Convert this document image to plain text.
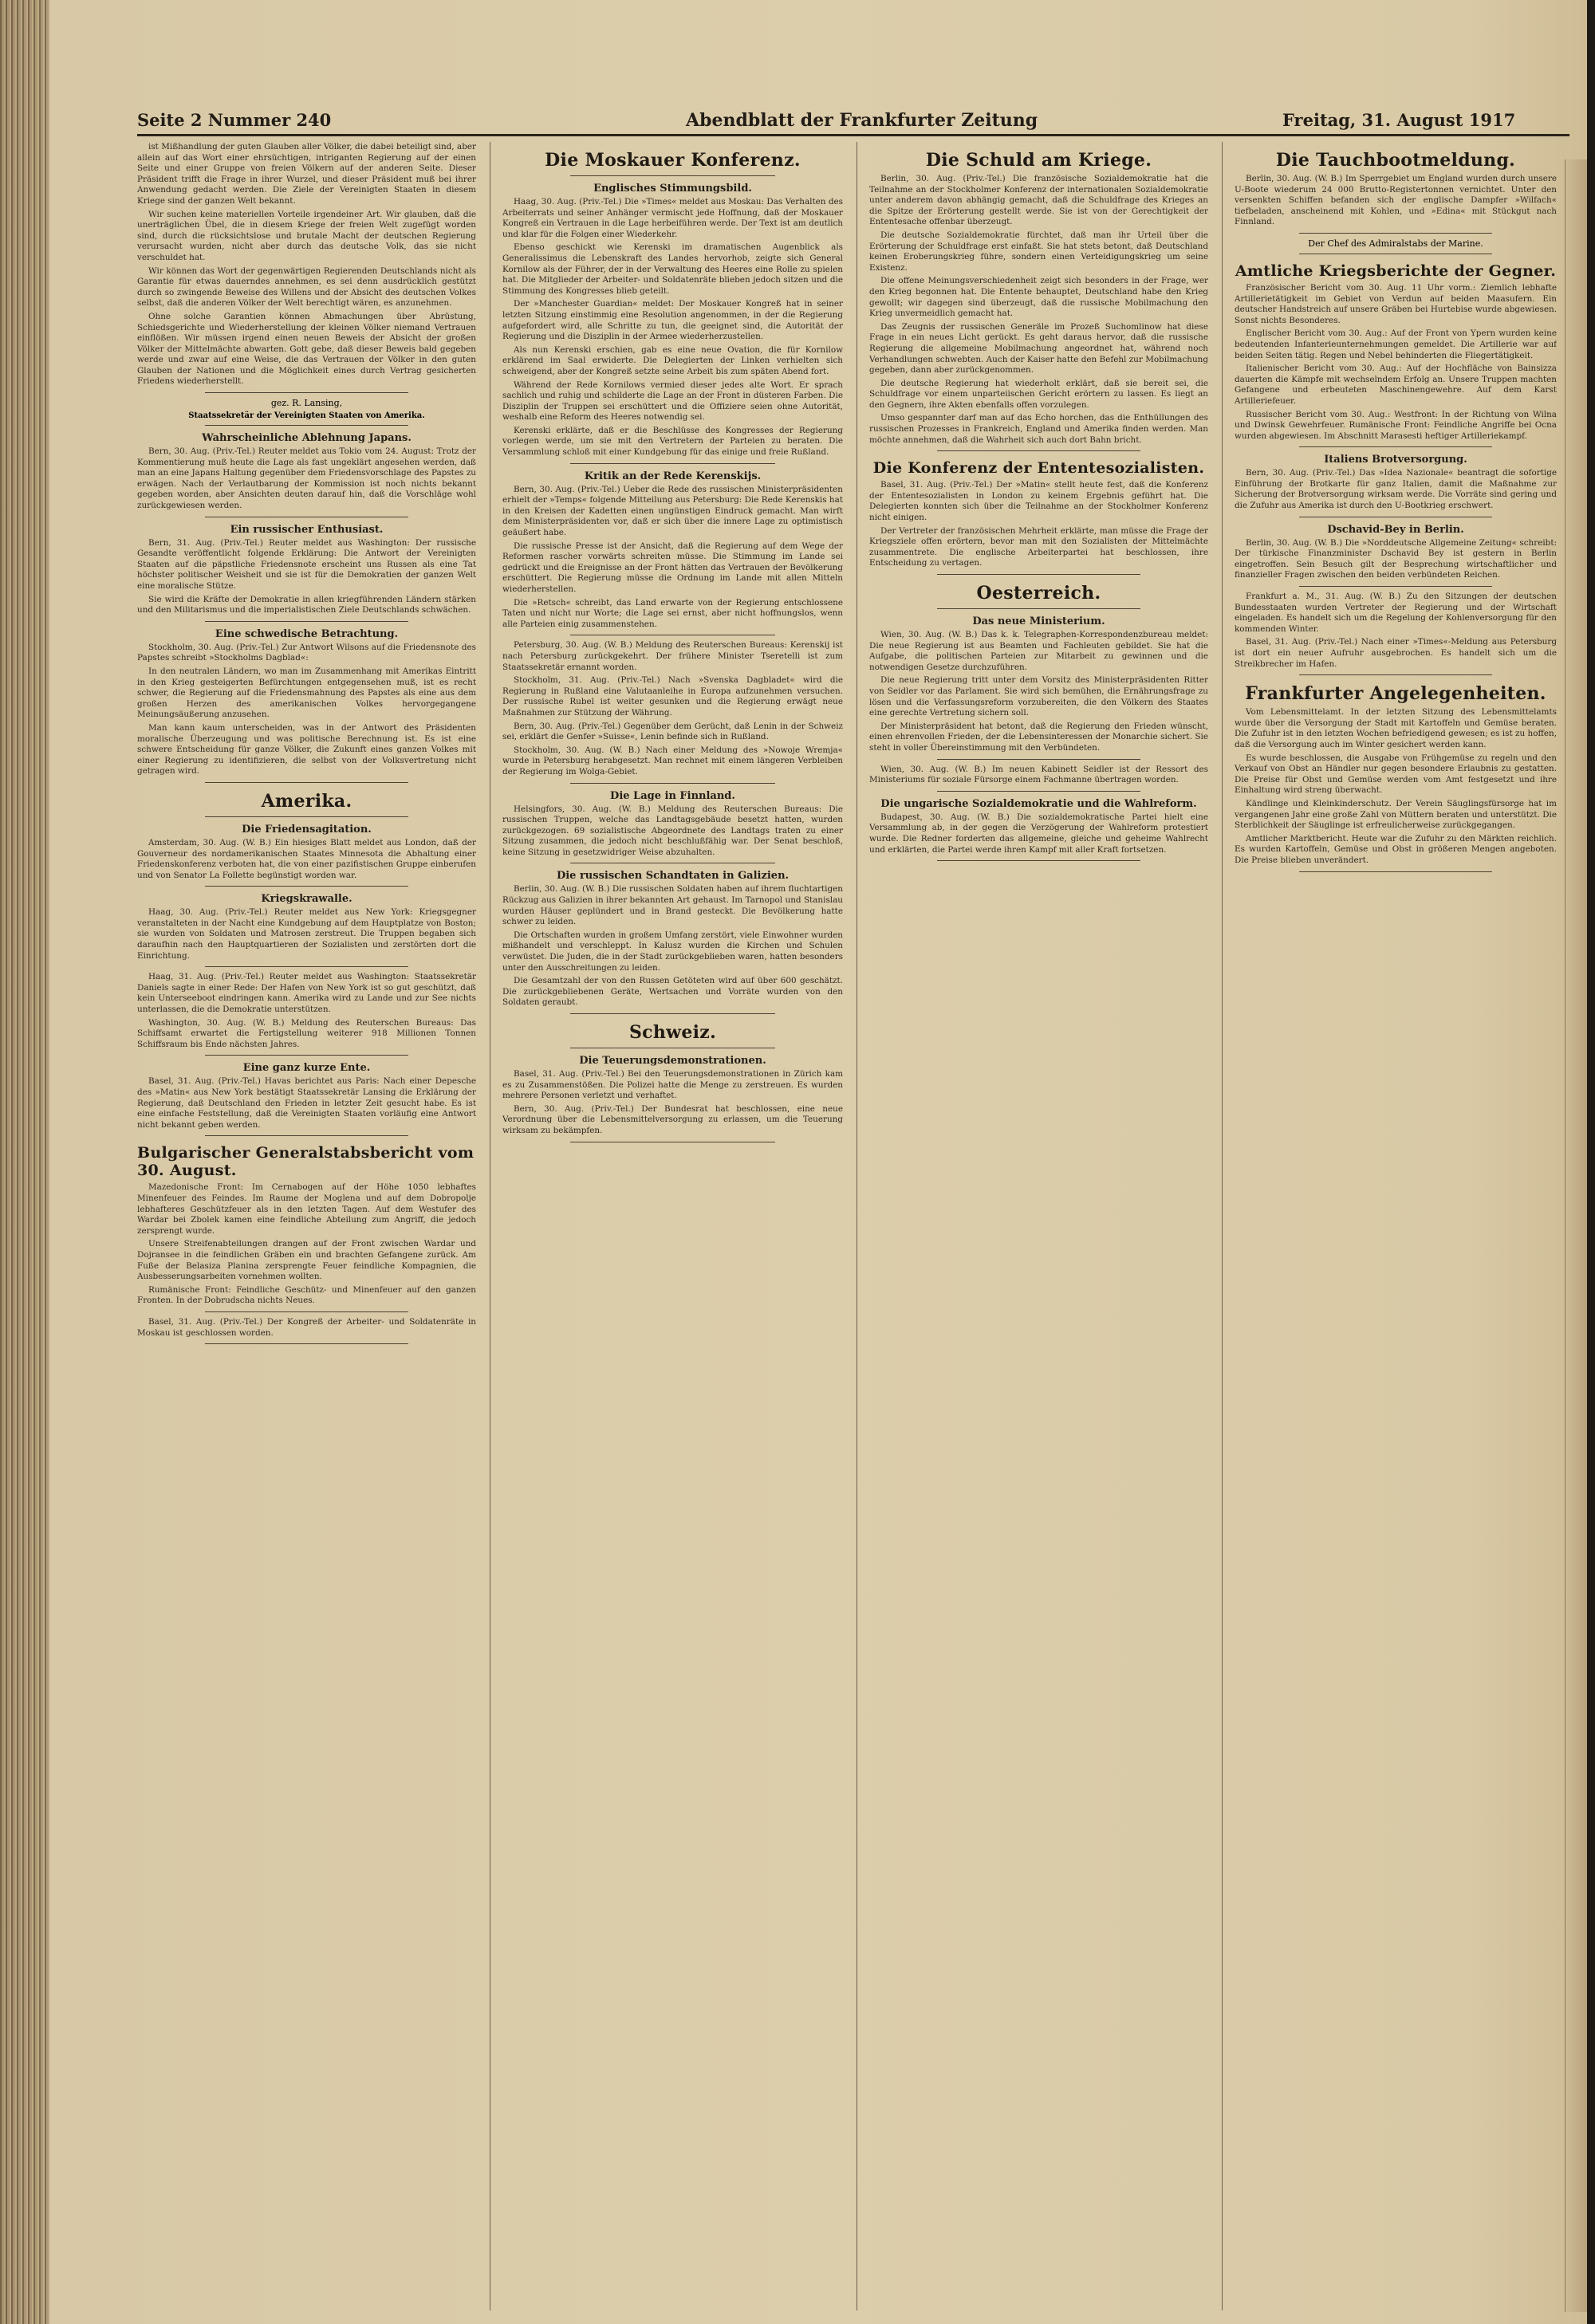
Seite 2 Nummer 240	Abendblatt der Frankfurter Zeitung	Freitag, 31. August 1917

ist Mißhandlung der guten Glauben aller Völker, die dabei beteiligt sind, aber allein auf das Wort einer ehrsüchtigen, intriganten Regierung auf der einen Seite und einer Gruppe von freien Völkern auf der anderen Seite. Dieser Präsident trifft die Frage in ihrer Wurzel, und dieser Präsident muß bei ihrer Anwendung gedacht werden. Die Ziele der Vereinigten Staaten in diesem Kriege sind der ganzen Welt bekannt.

Wir suchen keine materiellen Vorteile irgendeiner Art. Wir glauben, daß die unerträglichen Übel, die in diesem Kriege der freien Welt zugefügt worden sind, durch die rücksichtslose und brutale Macht der deutschen Regierung verursacht wurden, nicht aber durch das deutsche Volk, das sie nicht verschuldet hat.

Wir können das Wort der gegenwärtigen Regierenden Deutschlands nicht als Garantie für etwas dauerndes annehmen, es sei denn ausdrücklich gestützt durch so zwingende Beweise des Willens und der Absicht des deutschen Volkes selbst, daß die anderen Völker der Welt berechtigt wären, es anzunehmen.

Ohne solche Garantien können Abmachungen über Abrüstung, Schiedsgerichte und Wiederherstellung der kleinen Völker niemand Vertrauen einflößen. Wir müssen irgend einen neuen Beweis der Absicht der großen Völker der Mittelmächte abwarten. Gott gebe, daß dieser Beweis bald gegeben werde und zwar auf eine Weise, die das Vertrauen der Völker in den guten Glauben der Nationen und die Möglichkeit eines durch Vertrag gesicherten Friedens wiederherstellt.

gez. R. Lansing,
Staatssekretär der Vereinigten Staaten von Amerika.
Wahrscheinliche Ablehnung Japans.

Bern, 30. Aug. (Priv.-Tel.) Reuter meldet aus Tokio vom 24. August: Trotz der Kommentierung muß heute die Lage als fast ungeklärt angesehen werden, daß man an eine Japans Haltung gegenüber dem Friedensvorschlage des Papstes zu erwägen. Nach der Verlautbarung der Kommission ist noch nichts bekannt gegeben worden, aber Ansichten deuten darauf hin, daß die Vorschläge wohl zurückgewiesen werden.

Ein russischer Enthusiast.

Bern, 31. Aug. (Priv.-Tel.) Reuter meldet aus Washington: Der russische Gesandte veröffentlicht folgende Erklärung: Die Antwort der Vereinigten Staaten auf die päpstliche Friedensnote erscheint uns Russen als eine Tat höchster politischer Weisheit und sie ist für die Demokratien der ganzen Welt eine moralische Stütze.

Sie wird die Kräfte der Demokratie in allen kriegführenden Ländern stärken und den Militarismus und die imperialistischen Ziele Deutschlands schwächen.

Eine schwedische Betrachtung.

Stockholm, 30. Aug. (Priv.-Tel.) Zur Antwort Wilsons auf die Friedensnote des Papstes schreibt »Stockholms Dagblad«:

In den neutralen Ländern, wo man im Zusammenhang mit Amerikas Eintritt in den Krieg gesteigerten Befürchtungen entgegensehen muß, ist es recht schwer, die Regierung auf die Friedensmahnung des Papstes als eine aus dem großen Herzen des amerikanischen Volkes hervorgegangene Meinungsäußerung anzusehen.

Man kann kaum unterscheiden, was in der Antwort des Präsidenten moralische Überzeugung und was politische Berechnung ist. Es ist eine schwere Entscheidung für ganze Völker, die Zukunft eines ganzen Volkes mit einer Regierung zu identifizieren, die selbst von der Volksvertretung nicht getragen wird.

Amerika.
Die Friedensagitation.

Amsterdam, 30. Aug. (W. B.) Ein hiesiges Blatt meldet aus London, daß der Gouverneur des nordamerikanischen Staates Minnesota die Abhaltung einer Friedenskonferenz verboten hat, die von einer pazifistischen Gruppe einberufen und von Senator La Follette begünstigt worden war.

Kriegskrawalle.

Haag, 30. Aug. (Priv.-Tel.) Reuter meldet aus New York: Kriegsgegner veranstalteten in der Nacht eine Kundgebung auf dem Hauptplatze von Boston; sie wurden von Soldaten und Matrosen zerstreut. Die Truppen begaben sich daraufhin nach den Hauptquartieren der Sozialisten und zerstörten dort die Einrichtung.

Haag, 31. Aug. (Priv.-Tel.) Reuter meldet aus Washington: Staatssekretär Daniels sagte in einer Rede: Der Hafen von New York ist so gut geschützt, daß kein Unterseeboot eindringen kann. Amerika wird zu Lande und zur See nichts unterlassen, die die Demokratie unterstützen.

Washington, 30. Aug. (W. B.) Meldung des Reuterschen Bureaus: Das Schiffsamt erwartet die Fertigstellung weiterer 918 Millionen Tonnen Schiffsraum bis Ende nächsten Jahres.

Eine ganz kurze Ente.

Basel, 31. Aug. (Priv.-Tel.) Havas berichtet aus Paris: Nach einer Depesche des »Matin« aus New York bestätigt Staatssekretär Lansing die Erklärung der Regierung, daß Deutschland den Frieden in letzter Zeit gesucht habe. Es ist eine einfache Feststellung, daß die Vereinigten Staaten vorläufig eine Antwort nicht bekannt geben werden.

Bulgarischer Generalstabsbericht vom 30. August.

Mazedonische Front: Im Cernabogen auf der Höhe 1050 lebhaftes Minenfeuer des Feindes. Im Raume der Moglena und auf dem Dobropolje lebhafteres Geschützfeuer als in den letzten Tagen. Auf dem Westufer des Wardar bei Zbolek kamen eine feindliche Abteilung zum Angriff, die jedoch zersprengt wurde.

Unsere Streifenabteilungen drangen auf der Front zwischen Wardar und Dojransee in die feindlichen Gräben ein und brachten Gefangene zurück. Am Fuße der Belasiza Planina zersprengte Feuer feindliche Kompagnien, die Ausbesserungsarbeiten vornehmen wollten.

Rumänische Front: Feindliche Geschütz- und Minenfeuer auf den ganzen Fronten. In der Dobrudscha nichts Neues.

Basel, 31. Aug. (Priv.-Tel.) Der Kongreß der Arbeiter- und Soldatenräte in Moskau ist geschlossen worden.

Die Moskauer Konferenz.
Englisches Stimmungsbild.

Haag, 30. Aug. (Priv.-Tel.) Die »Times« meldet aus Moskau: Das Verhalten des Arbeiterrats und seiner Anhänger vermischt jede Hoffnung, daß der Moskauer Kongreß ein Vertrauen in die Lage herbeiführen werde. Der Text ist am deutlich und klar für die Folgen einer Wiederkehr.

Ebenso geschickt wie Kerenski im dramatischen Augenblick als Generalissimus die Lebenskraft des Landes hervorhob, zeigte sich General Kornilow als der Führer, der in der Verwaltung des Heeres eine Rolle zu spielen hat. Die Mitglieder der Arbeiter- und Soldatenräte blieben jedoch sitzen und die Stimmung des Kongresses blieb geteilt.

Der »Manchester Guardian« meldet: Der Moskauer Kongreß hat in seiner letzten Sitzung einstimmig eine Resolution angenommen, in der die Regierung aufgefordert wird, alle Schritte zu tun, die geeignet sind, die Autorität der Regierung und die Disziplin in der Armee wiederherzustellen.

Als nun Kerenski erschien, gab es eine neue Ovation, die für Kornilow erklärend im Saal erwiderte. Die Delegierten der Linken verhielten sich schweigend, aber der Kongreß setzte seine Arbeit bis zum späten Abend fort.

Während der Rede Kornilows vermied dieser jedes alte Wort. Er sprach sachlich und ruhig und schilderte die Lage an der Front in düsteren Farben. Die Disziplin der Truppen sei erschüttert und die Offiziere seien ohne Autorität, weshalb eine Reform des Heeres notwendig sei.

Kerenski erklärte, daß er die Beschlüsse des Kongresses der Regierung vorlegen werde, um sie mit den Vertretern der Parteien zu beraten. Die Versammlung schloß mit einer Kundgebung für das einige und freie Rußland.

Kritik an der Rede Kerenskijs.

Bern, 30. Aug. (Priv.-Tel.) Ueber die Rede des russischen Ministerpräsidenten erhielt der »Temps« folgende Mitteilung aus Petersburg: Die Rede Kerenskis hat in den Kreisen der Kadetten einen ungünstigen Eindruck gemacht. Man wirft dem Ministerpräsidenten vor, daß er sich über die innere Lage zu optimistisch geäußert habe.

Die russische Presse ist der Ansicht, daß die Regierung auf dem Wege der Reformen rascher vorwärts schreiten müsse. Die Stimmung im Lande sei gedrückt und die Ereignisse an der Front hätten das Vertrauen der Bevölkerung erschüttert. Die Regierung müsse die Ordnung im Lande mit allen Mitteln wiederherstellen.

Die »Retsch« schreibt, das Land erwarte von der Regierung entschlossene Taten und nicht nur Worte; die Lage sei ernst, aber nicht hoffnungslos, wenn alle Parteien einig zusammenstehen.

Petersburg, 30. Aug. (W. B.) Meldung des Reuterschen Bureaus: Kerenskij ist nach Petersburg zurückgekehrt. Der frühere Minister Tseretelli ist zum Staatssekretär ernannt worden.

Stockholm, 31. Aug. (Priv.-Tel.) Nach »Svenska Dagbladet« wird die Regierung in Rußland eine Valutaanleihe in Europa aufzunehmen versuchen. Der russische Rubel ist weiter gesunken und die Regierung erwägt neue Maßnahmen zur Stützung der Währung.

Bern, 30. Aug. (Priv.-Tel.) Gegenüber dem Gerücht, daß Lenin in der Schweiz sei, erklärt die Genfer »Suisse«, Lenin befinde sich in Rußland.

Stockholm, 30. Aug. (W. B.) Nach einer Meldung des »Nowoje Wremja« wurde in Petersburg herabgesetzt. Man rechnet mit einem längeren Verbleiben der Regierung im Wolga-Gebiet.

Die Lage in Finnland.

Helsingfors, 30. Aug. (W. B.) Meldung des Reuterschen Bureaus: Die russischen Truppen, welche das Landtagsgebäude besetzt hatten, wurden zurückgezogen. 69 sozialistische Abgeordnete des Landtags traten zu einer Sitzung zusammen, die jedoch nicht beschlußfähig war. Der Senat beschloß, keine Sitzung in gesetzwidriger Weise abzuhalten.

Die russischen Schandtaten in Galizien.

Berlin, 30. Aug. (W. B.) Die russischen Soldaten haben auf ihrem fluchtartigen Rückzug aus Galizien in ihrer bekannten Art gehaust. Im Tarnopol und Stanislau wurden Häuser geplündert und in Brand gesteckt. Die Bevölkerung hatte schwer zu leiden.

Die Ortschaften wurden in großem Umfang zerstört, viele Einwohner wurden mißhandelt und verschleppt. In Kalusz wurden die Kirchen und Schulen verwüstet. Die Juden, die in der Stadt zurückgeblieben waren, hatten besonders unter den Ausschreitungen zu leiden.

Die Gesamtzahl der von den Russen Getöteten wird auf über 600 geschätzt. Die zurückgebliebenen Geräte, Wertsachen und Vorräte wurden von den Soldaten geraubt.

Schweiz.
Die Teuerungsdemonstrationen.

Basel, 31. Aug. (Priv.-Tel.) Bei den Teuerungsdemonstrationen in Zürich kam es zu Zusammenstößen. Die Polizei hatte die Menge zu zerstreuen. Es wurden mehrere Personen verletzt und verhaftet.

Bern, 30. Aug. (Priv.-Tel.) Der Bundesrat hat beschlossen, eine neue Verordnung über die Lebensmittelversorgung zu erlassen, um die Teuerung wirksam zu bekämpfen.

Die Schuld am Kriege.

Berlin, 30. Aug. (Priv.-Tel.) Die französische Sozialdemokratie hat die Teilnahme an der Stockholmer Konferenz der internationalen Sozialdemokratie unter anderem davon abhängig gemacht, daß die Schuldfrage des Krieges an die Spitze der Erörterung gestellt werde. Sie ist von der Gerechtigkeit der Ententesache offenbar überzeugt.

Die deutsche Sozialdemokratie fürchtet, daß man ihr Urteil über die Erörterung der Schuldfrage erst einfaßt. Sie hat stets betont, daß Deutschland keinen Eroberungskrieg führe, sondern einen Verteidigungskrieg um seine Existenz.

Die offene Meinungsverschiedenheit zeigt sich besonders in der Frage, wer den Krieg begonnen hat. Die Entente behauptet, Deutschland habe den Krieg gewollt; wir dagegen sind überzeugt, daß die russische Mobilmachung den Krieg unvermeidlich gemacht hat.

Das Zeugnis der russischen Generäle im Prozeß Suchomlinow hat diese Frage in ein neues Licht gerückt. Es geht daraus hervor, daß die russische Regierung die allgemeine Mobilmachung angeordnet hat, während noch Verhandlungen schwebten. Auch der Kaiser hatte den Befehl zur Mobilmachung gegeben, dann aber zurückgenommen.

Die deutsche Regierung hat wiederholt erklärt, daß sie bereit sei, die Schuldfrage vor einem unparteiischen Gericht erörtern zu lassen. Es liegt an den Gegnern, ihre Akten ebenfalls offen vorzulegen.

Umso gespannter darf man auf das Echo horchen, das die Enthüllungen des russischen Prozesses in Frankreich, England und Amerika finden werden. Man möchte annehmen, daß die Wahrheit sich auch dort Bahn bricht.

Die Konferenz der Ententesozialisten.

Basel, 31. Aug. (Priv.-Tel.) Der »Matin« stellt heute fest, daß die Konferenz der Ententesozialisten in London zu keinem Ergebnis geführt hat. Die Delegierten konnten sich über die Teilnahme an der Stockholmer Konferenz nicht einigen.

Der Vertreter der französischen Mehrheit erklärte, man müsse die Frage der Kriegsziele offen erörtern, bevor man mit den Sozialisten der Mittelmächte zusammentrete. Die englische Arbeiterpartei hat beschlossen, ihre Entscheidung zu vertagen.

Oesterreich.
Das neue Ministerium.

Wien, 30. Aug. (W. B.) Das k. k. Telegraphen-Korrespondenzbureau meldet: Die neue Regierung ist aus Beamten und Fachleuten gebildet. Sie hat die Aufgabe, die politischen Parteien zur Mitarbeit zu gewinnen und die notwendigen Gesetze durchzuführen.

Die neue Regierung tritt unter dem Vorsitz des Ministerpräsidenten Ritter von Seidler vor das Parlament. Sie wird sich bemühen, die Ernährungsfrage zu lösen und die Verfassungsreform vorzubereiten, die den Völkern des Staates eine gerechte Vertretung sichern soll.

Der Ministerpräsident hat betont, daß die Regierung den Frieden wünscht, einen ehrenvollen Frieden, der die Lebensinteressen der Monarchie sichert. Sie steht in voller Übereinstimmung mit den Verbündeten.

Wien, 30. Aug. (W. B.) Im neuen Kabinett Seidler ist der Ressort des Ministeriums für soziale Fürsorge einem Fachmanne übertragen worden.

Die ungarische Sozialdemokratie und die Wahlreform.

Budapest, 30. Aug. (W. B.) Die sozialdemokratische Partei hielt eine Versammlung ab, in der gegen die Verzögerung der Wahlreform protestiert wurde. Die Redner forderten das allgemeine, gleiche und geheime Wahlrecht und erklärten, die Partei werde ihren Kampf mit aller Kraft fortsetzen.

Die Tauchbootmeldung.

Berlin, 30. Aug. (W. B.) Im Sperrgebiet um England wurden durch unsere U-Boote wiederum 24 000 Brutto-Registertonnen vernichtet. Unter den versenkten Schiffen befanden sich der englische Dampfer »Wilfach« tiefbeladen, anscheinend mit Kohlen, und »Edina« mit Stückgut nach Finnland.

Der Chef des Admiralstabs der Marine.
Amtliche Kriegsberichte der Gegner.

Französischer Bericht vom 30. Aug. 11 Uhr vorm.: Ziemlich lebhafte Artillerietätigkeit im Gebiet von Verdun auf beiden Maasufern. Ein deutscher Handstreich auf unsere Gräben bei Hurtebise wurde abgewiesen. Sonst nichts Besonderes.

Englischer Bericht vom 30. Aug.: Auf der Front von Ypern wurden keine bedeutenden Infanterieunternehmungen gemeldet. Die Artillerie war auf beiden Seiten tätig. Regen und Nebel behinderten die Fliegertätigkeit.

Italienischer Bericht vom 30. Aug.: Auf der Hochfläche von Bainsizza dauerten die Kämpfe mit wechselndem Erfolg an. Unsere Truppen machten Gefangene und erbeuteten Maschinengewehre. Auf dem Karst Artilleriefeuer.

Russischer Bericht vom 30. Aug.: Westfront: In der Richtung von Wilna und Dwinsk Gewehrfeuer. Rumänische Front: Feindliche Angriffe bei Ocna wurden abgewiesen. Im Abschnitt Marasesti heftiger Artilleriekampf.

Italiens Brotversorgung.

Bern, 30. Aug. (Priv.-Tel.) Das »Idea Nazionale« beantragt die sofortige Einführung der Brotkarte für ganz Italien, damit die Maßnahme zur Sicherung der Brotversorgung wirksam werde. Die Vorräte sind gering und die Zufuhr aus Amerika ist durch den U-Bootkrieg erschwert.

Dschavid-Bey in Berlin.

Berlin, 30. Aug. (W. B.) Die »Norddeutsche Allgemeine Zeitung« schreibt: Der türkische Finanzminister Dschavid Bey ist gestern in Berlin eingetroffen. Sein Besuch gilt der Besprechung wirtschaftlicher und finanzieller Fragen zwischen den beiden verbündeten Reichen.

Frankfurt a. M., 31. Aug. (W. B.) Zu den Sitzungen der deutschen Bundesstaaten wurden Vertreter der Regierung und der Wirtschaft eingeladen. Es handelt sich um die Regelung der Kohlenversorgung für den kommenden Winter.

Basel, 31. Aug. (Priv.-Tel.) Nach einer »Times«-Meldung aus Petersburg ist dort ein neuer Aufruhr ausgebrochen. Es handelt sich um die Streikbrecher im Hafen.

Frankfurter Angelegenheiten.

Vom Lebensmittelamt. In der letzten Sitzung des Lebensmittelamts wurde über die Versorgung der Stadt mit Kartoffeln und Gemüse beraten. Die Zufuhr ist in den letzten Wochen befriedigend gewesen; es ist zu hoffen, daß die Versorgung auch im Winter gesichert werden kann.

Es wurde beschlossen, die Ausgabe von Frühgemüse zu regeln und den Verkauf von Obst an Händler nur gegen besondere Erlaubnis zu gestatten. Die Preise für Obst und Gemüse werden vom Amt festgesetzt und ihre Einhaltung wird streng überwacht.

Kändlinge und Kleinkinderschutz. Der Verein Säuglingsfürsorge hat im vergangenen Jahr eine große Zahl von Müttern beraten und unterstützt. Die Sterblichkeit der Säuglinge ist erfreulicherweise zurückgegangen.

Amtlicher Marktbericht. Heute war die Zufuhr zu den Märkten reichlich. Es wurden Kartoffeln, Gemüse und Obst in größeren Mengen angeboten. Die Preise blieben unverändert.
